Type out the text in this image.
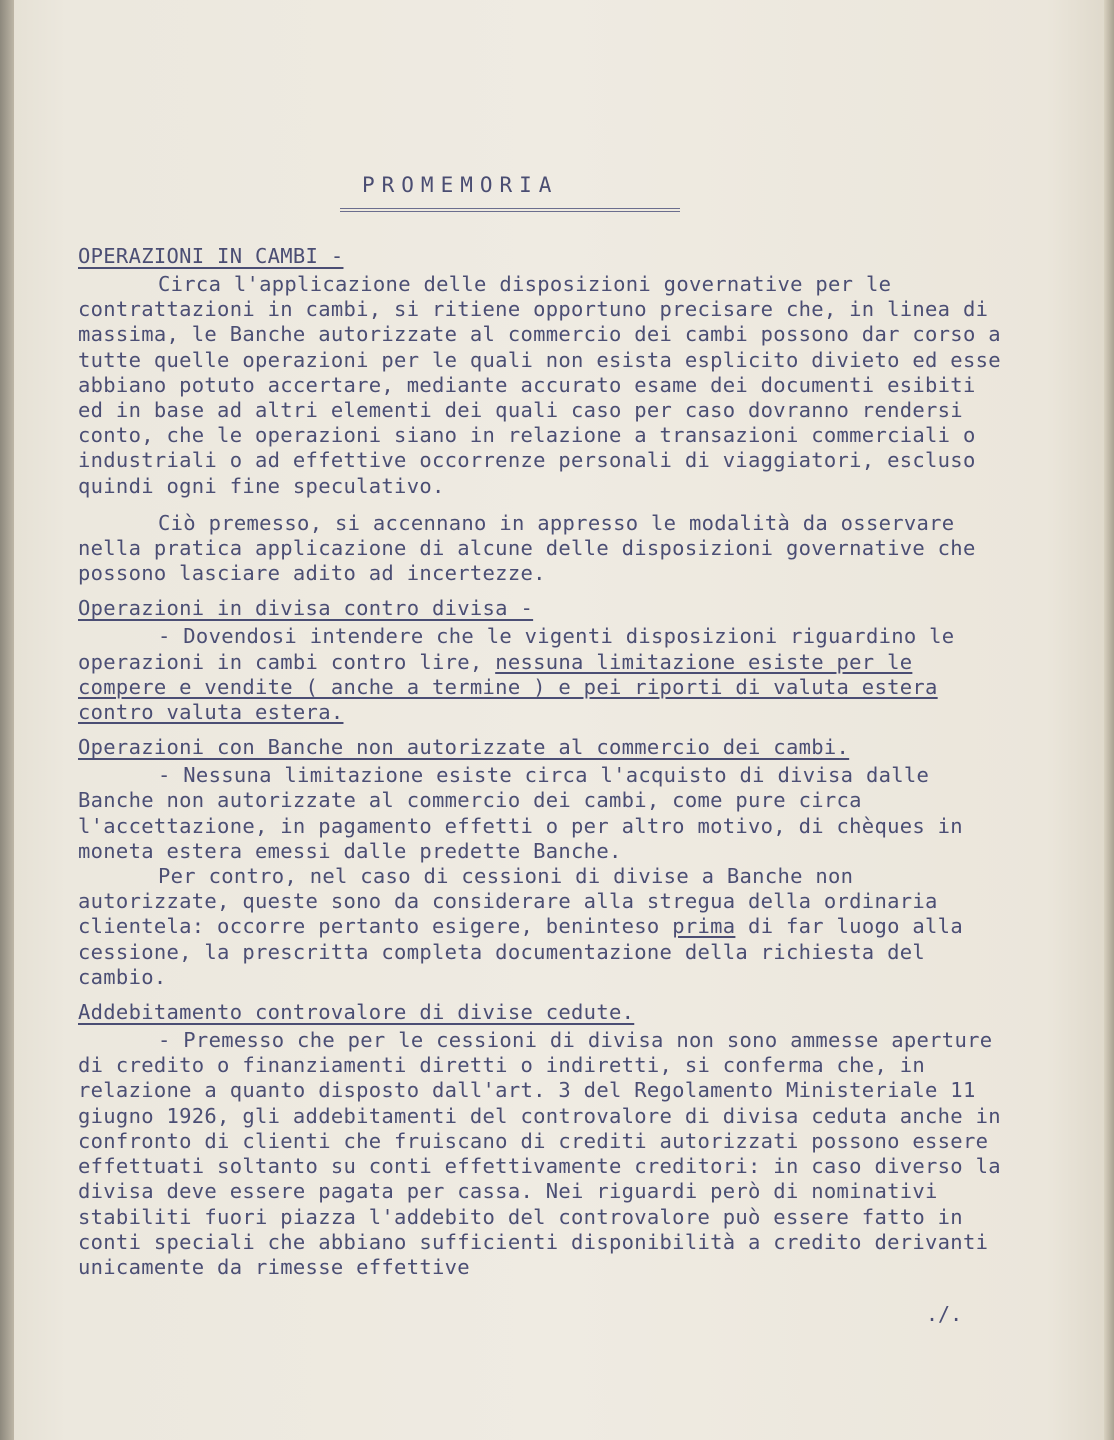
PROMEMORIA
OPERAZIONI IN CAMBI -

Circa l'applicazione delle disposizioni governative per le contrattazioni in cambi, si ritiene opportuno precisare che, in linea di massima, le Banche autorizzate al commercio dei cambi possono dar corso a tutte quelle operazioni per le quali non esista esplicito divieto ed esse abbiano potuto accertare, mediante accurato esame dei documenti esibiti ed in base ad altri elementi dei quali caso per caso dovranno rendersi conto, che le operazioni siano in relazione a transazioni commerciali o industriali o ad effettive occorrenze personali di viaggiatori, escluso quindi ogni fine speculativo.

Ciò premesso, si accennano in appresso le modalità da osservare nella pratica applicazione di alcune delle disposizioni governative che possono lasciare adito ad incertezze.

Operazioni in divisa contro divisa -

- Dovendosi intendere che le vigenti disposizioni riguardino le operazioni in cambi contro lire, nessuna limitazione esiste per le compere e vendite ( anche a termine ) e pei riporti di valuta estera contro valuta estera.

Operazioni con Banche non autorizzate al commercio dei cambi.

- Nessuna limitazione esiste circa l'acquisto di divisa dalle Banche non autorizzate al commercio dei cambi, come pure circa l'accettazione, in pagamento effetti o per altro motivo, di chèques in moneta estera emessi dalle predette Banche.

Per contro, nel caso di cessioni di divise a Banche non autorizzate, queste sono da considerare alla stregua della ordinaria clientela: occorre pertanto esigere, beninteso prima di far luogo alla cessione, la prescritta completa documentazione della richiesta del cambio.

Addebitamento controvalore di divise cedute.

- Premesso che per le cessioni di divisa non sono ammesse aperture di credito o finanziamenti diretti o indiretti, si conferma che, in relazione a quanto disposto dall'art. 3 del Regolamento Ministeriale 11 giugno 1926, gli addebitamenti del controvalore di divisa ceduta anche in confronto di clienti che fruiscano di crediti autorizzati possono essere effettuati soltanto su conti effettivamente creditori: in caso diverso la divisa deve essere pagata per cassa. Nei riguardi però di nominativi stabiliti fuori piazza l'addebito del controvalore può essere fatto in conti speciali che abbiano sufficienti disponibilità a credito derivanti unicamente da rimesse effettive

./.
